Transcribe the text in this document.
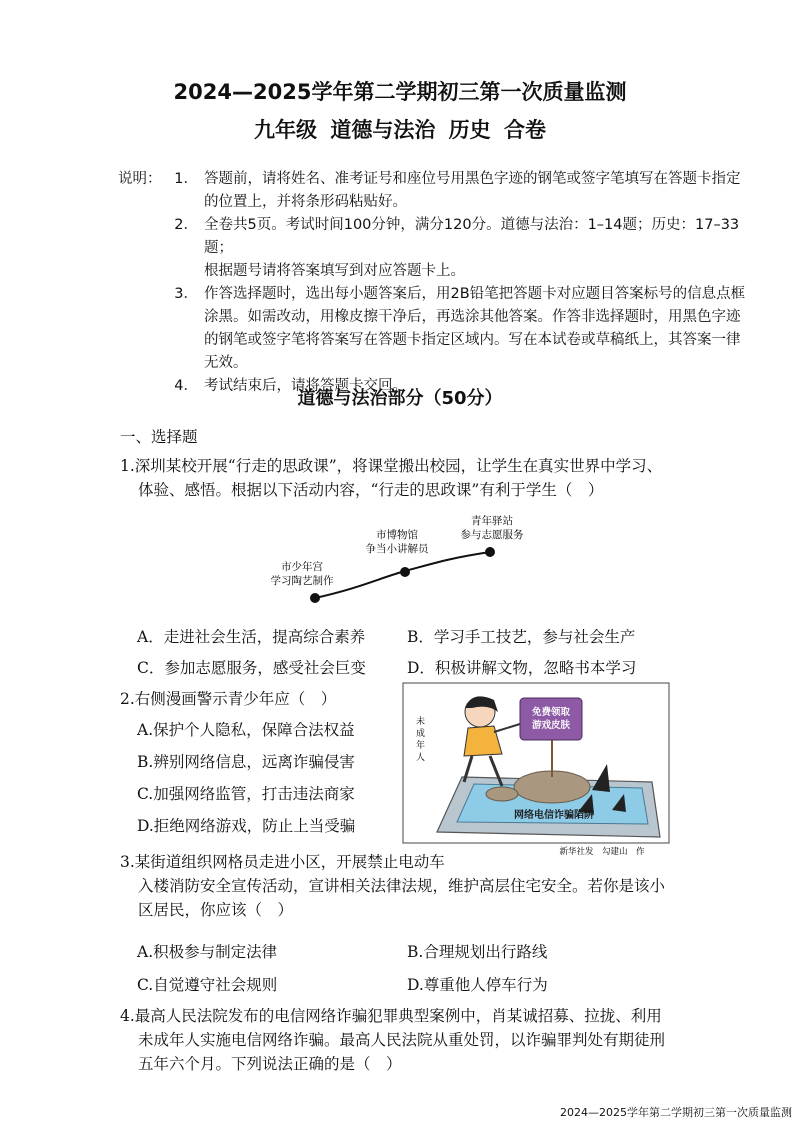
2024—2025学年第二学期初三第一次质量监测
九年级 道德与法治 历史 合卷
说明： 1． 答题前，请将姓名、准考证号和座位号用黑色字迹的钢笔或签字笔填写在答题卡指定
的位置上，并将条形码粘贴好。
2． 全卷共5页。考试时间100分钟，满分120分。道德与法治：1–14题；历史：17–33题；
根据题号请将答案填写到对应答题卡上。
3． 作答选择题时，选出每小题答案后，用2B铅笔把答题卡对应题目答案标号的信息点框
涂黑。如需改动，用橡皮擦干净后，再选涂其他答案。作答非选择题时，用黑色字迹
的钢笔或签字笔将答案写在答题卡指定区域内。写在本试卷或草稿纸上，其答案一律
无效。
4． 考试结束后，请将答题卡交回。
道德与法治部分（50分）
一、选择题
1.深圳某校开展“行走的思政课”，将课堂搬出校园，让学生在真实世界中学习、
体验、感悟。根据以下活动内容，“行走的思政课”有利于学生（　）
市少年宫
学习陶艺制作
市博物馆
争当小讲解员
青年驿站
参与志愿服务
A．走进社会生活，提高综合素养	B．学习手工技艺，参与社会生产
C．参加志愿服务，感受社会巨变	D．积极讲解文物，忽略书本学习
2.右侧漫画警示青少年应（　）
A.保护个人隐私，保障合法权益
B.辨别网络信息，远离诈骗侵害
C.加强网络监管，打击违法商家
D.拒绝网络游戏，防止上当受骗
免费领取
游戏皮肤
未
成
年
人
网络电信诈骗陷阱
新华社发　勾建山　作
3.某街道组织网格员走进小区，开展禁止电动车
入楼消防安全宣传活动，宣讲相关法律法规，维护高层住宅安全。若你是该小
区居民，你应该（　）
A.积极参与制定法律	B.合理规划出行路线
C.自觉遵守社会规则	D.尊重他人停车行为
4.最高人民法院发布的电信网络诈骗犯罪典型案例中，肖某诚招募、拉拢、利用
未成年人实施电信网络诈骗。最高人民法院从重处罚，以诈骗罪判处有期徒刑
五年六个月。下列说法正确的是（　）
2024—2025学年第二学期初三第一次质量监测
